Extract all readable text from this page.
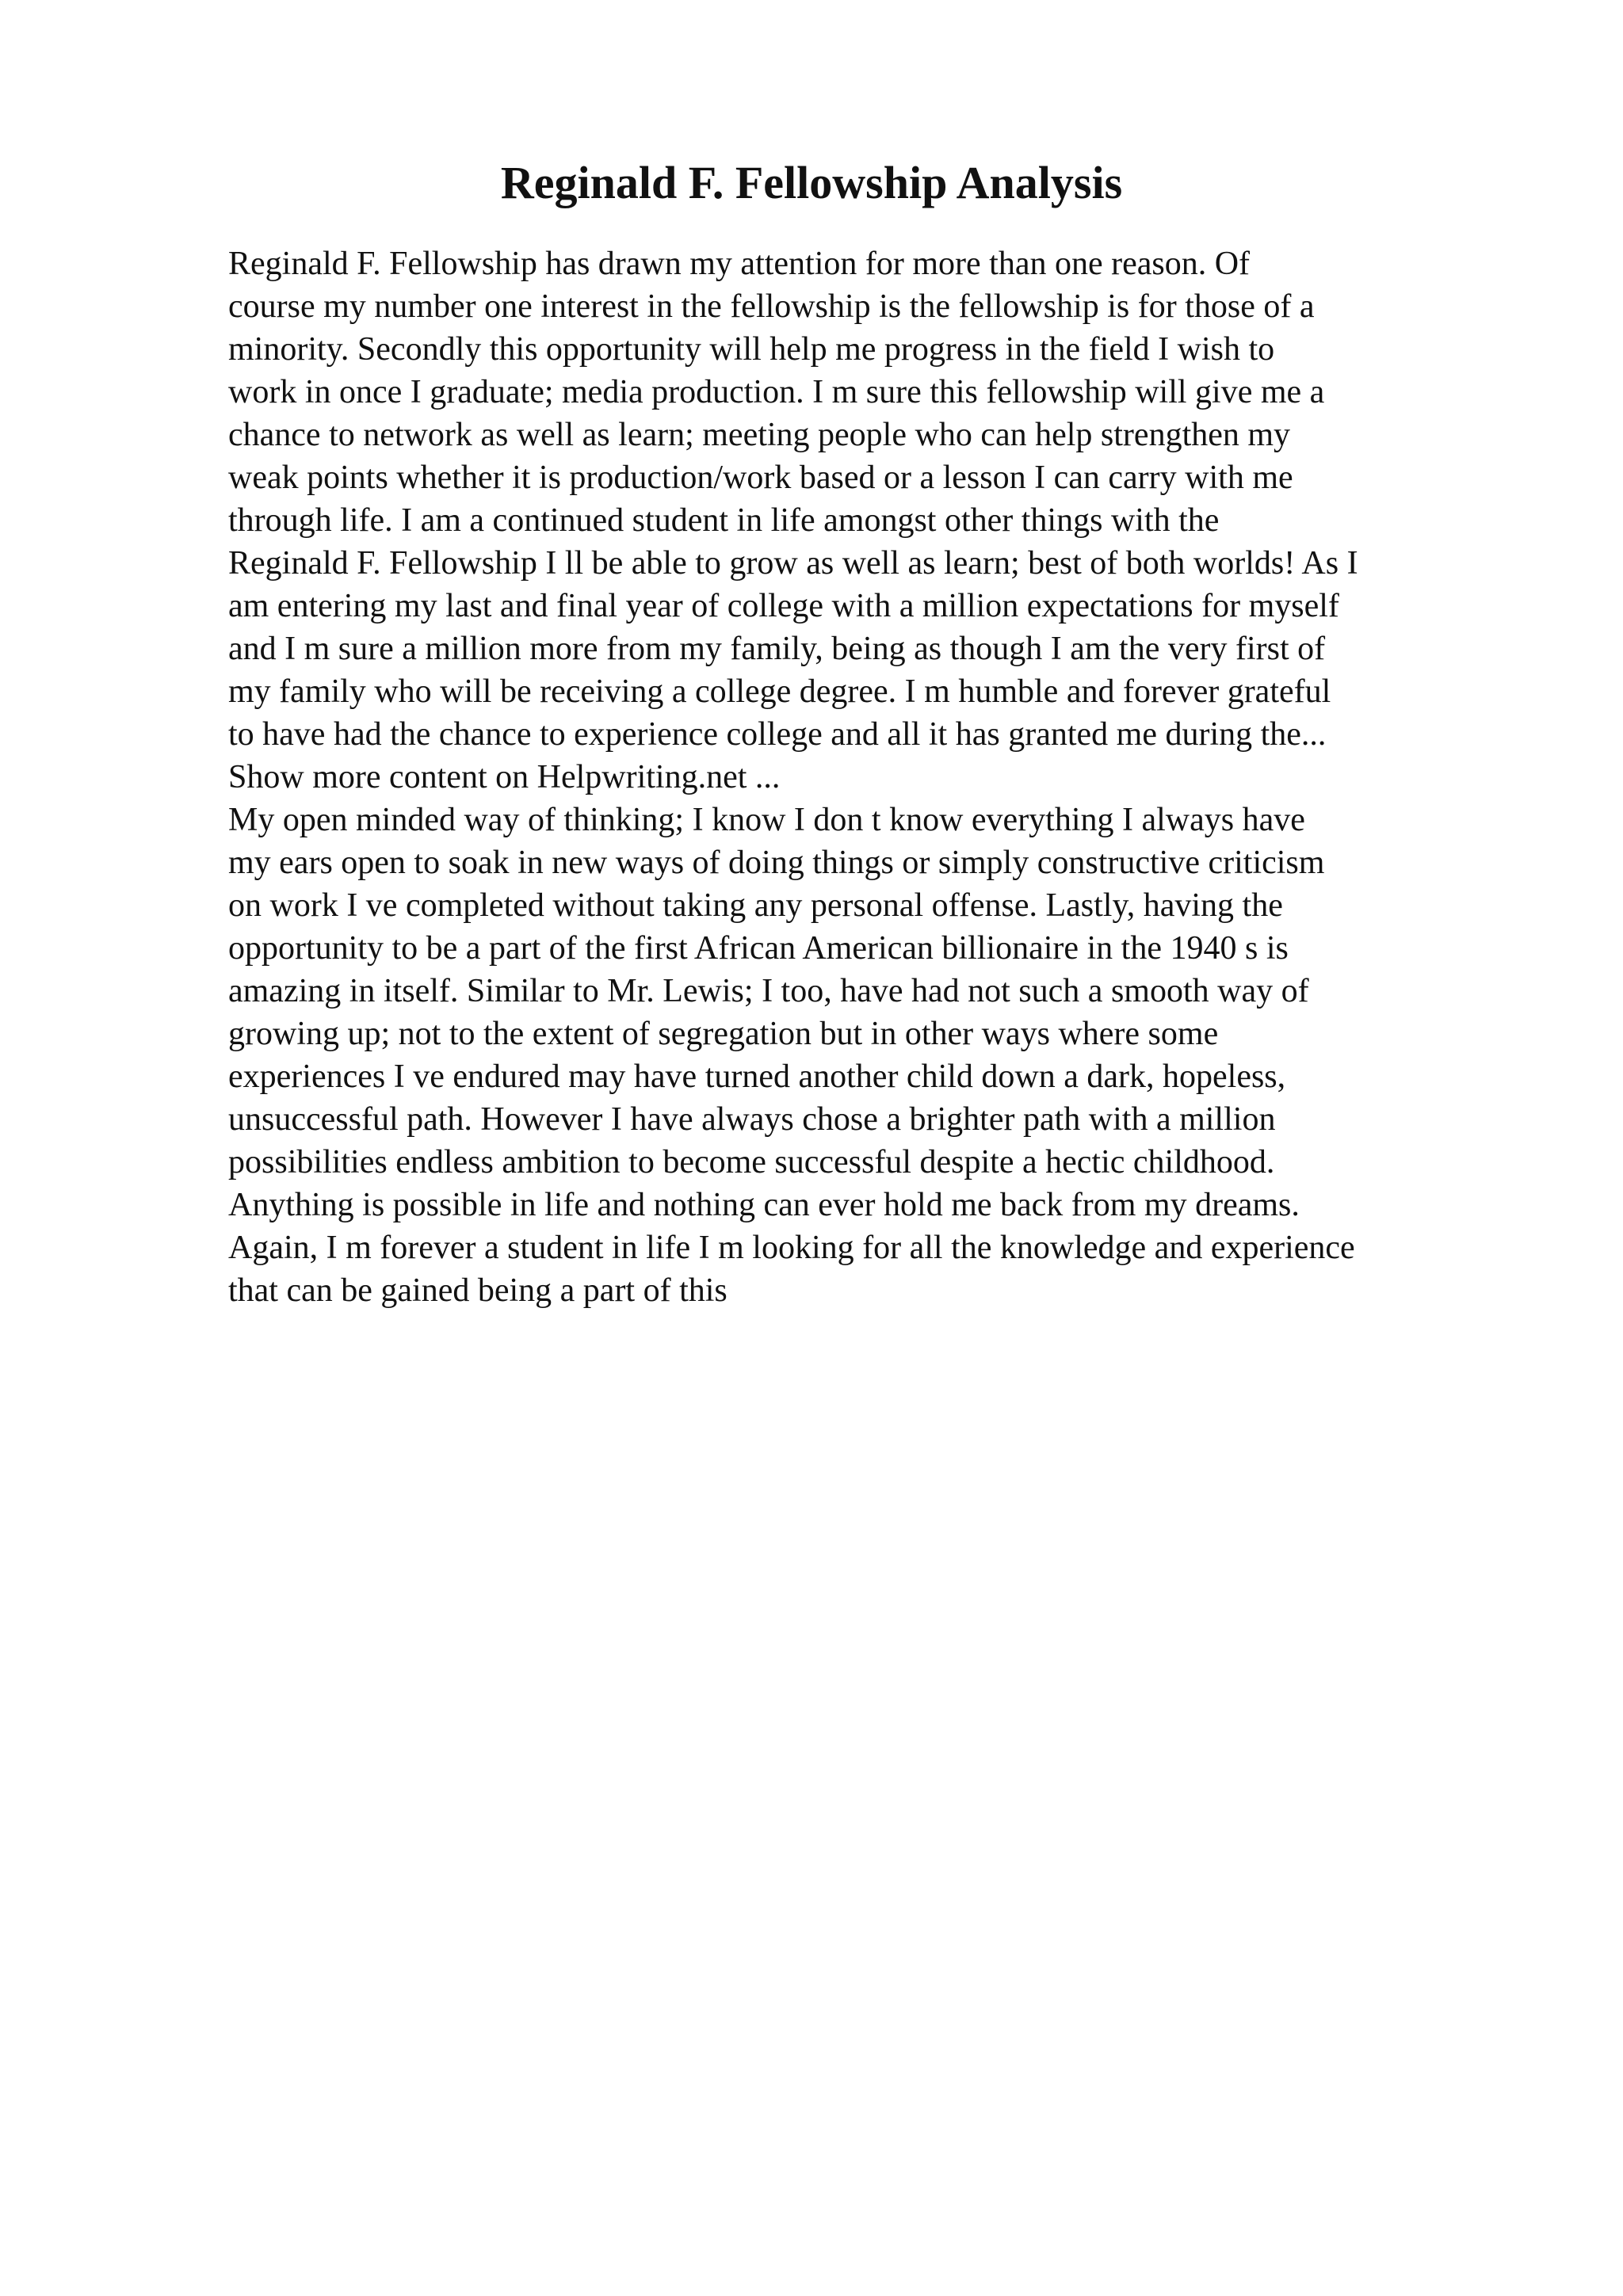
Reginald F. Fellowship Analysis
Reginald F. Fellowship has drawn my attention for more than one reason. Of
course my number one interest in the fellowship is the fellowship is for those of a
minority. Secondly this opportunity will help me progress in the field I wish to
work in once I graduate; media production. I m sure this fellowship will give me a
chance to network as well as learn; meeting people who can help strengthen my
weak points whether it is production/work based or a lesson I can carry with me
through life. I am a continued student in life amongst other things with the
Reginald F. Fellowship I ll be able to grow as well as learn; best of both worlds! As I
am entering my last and final year of college with a million expectations for myself
and I m sure a million more from my family, being as though I am the very first of
my family who will be receiving a college degree. I m humble and forever grateful
to have had the chance to experience college and all it has granted me during the...
Show more content on Helpwriting.net ...
My open minded way of thinking; I know I don t know everything I always have
my ears open to soak in new ways of doing things or simply constructive criticism
on work I ve completed without taking any personal offense. Lastly, having the
opportunity to be a part of the first African American billionaire in the 1940 s is
amazing in itself. Similar to Mr. Lewis; I too, have had not such a smooth way of
growing up; not to the extent of segregation but in other ways where some
experiences I ve endured may have turned another child down a dark, hopeless,
unsuccessful path. However I have always chose a brighter path with a million
possibilities endless ambition to become successful despite a hectic childhood.
Anything is possible in life and nothing can ever hold me back from my dreams.
Again, I m forever a student in life I m looking for all the knowledge and experience
that can be gained being a part of this
